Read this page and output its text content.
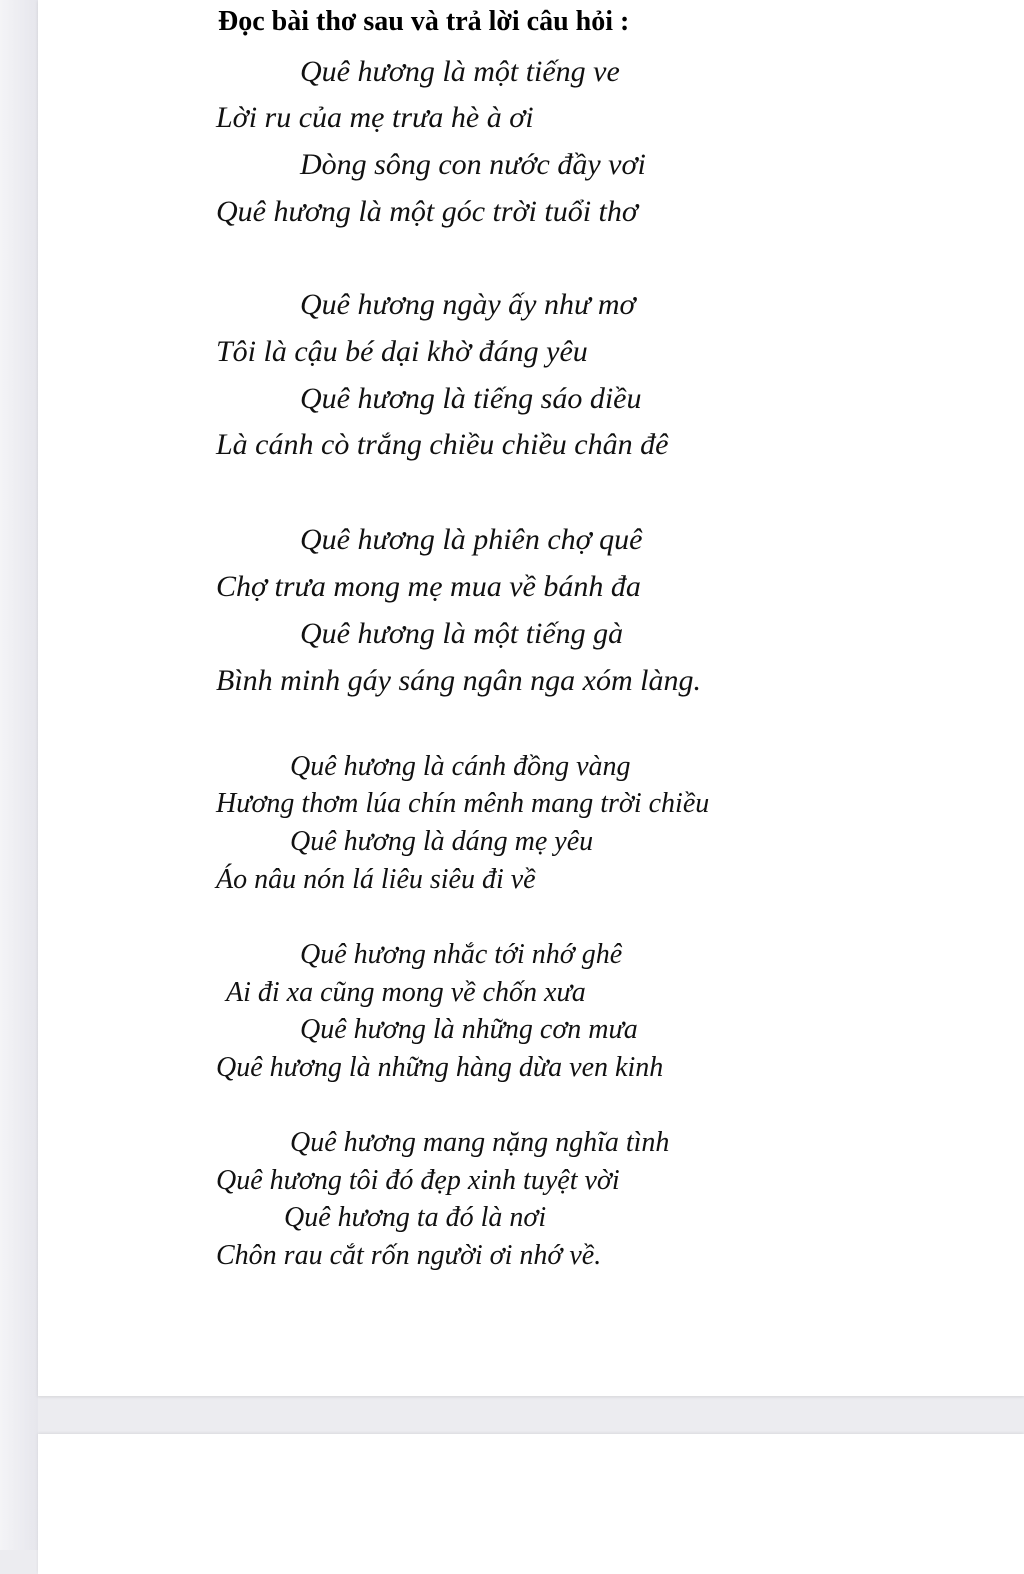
Đọc bài thơ sau và trả lời câu hỏi :
Quê hương là một tiếng ve
Lời ru của mẹ trưa hè à ơi
Dòng sông con nước đầy vơi
Quê hương là một góc trời tuổi thơ
Quê hương ngày ấy như mơ
Tôi là cậu bé dại khờ đáng yêu
Quê hương là tiếng sáo diều
Là cánh cò trắng chiều chiều chân đê
Quê hương là phiên chợ quê
Chợ trưa mong mẹ mua về bánh đa
Quê hương là một tiếng gà
Bình minh gáy sáng ngân nga xóm làng.
Quê hương là cánh đồng vàng
Hương thơm lúa chín mênh mang trời chiều
Quê hương là dáng mẹ yêu
Áo nâu nón lá liêu siêu đi về
Quê hương nhắc tới nhớ ghê
Ai đi xa cũng mong về chốn xưa
Quê hương là những cơn mưa
Quê hương là những hàng dừa ven kinh
Quê hương mang nặng nghĩa tình
Quê hương tôi đó đẹp xinh tuyệt vời
Quê hương ta đó là nơi
Chôn rau cắt rốn người ơi nhớ về.
